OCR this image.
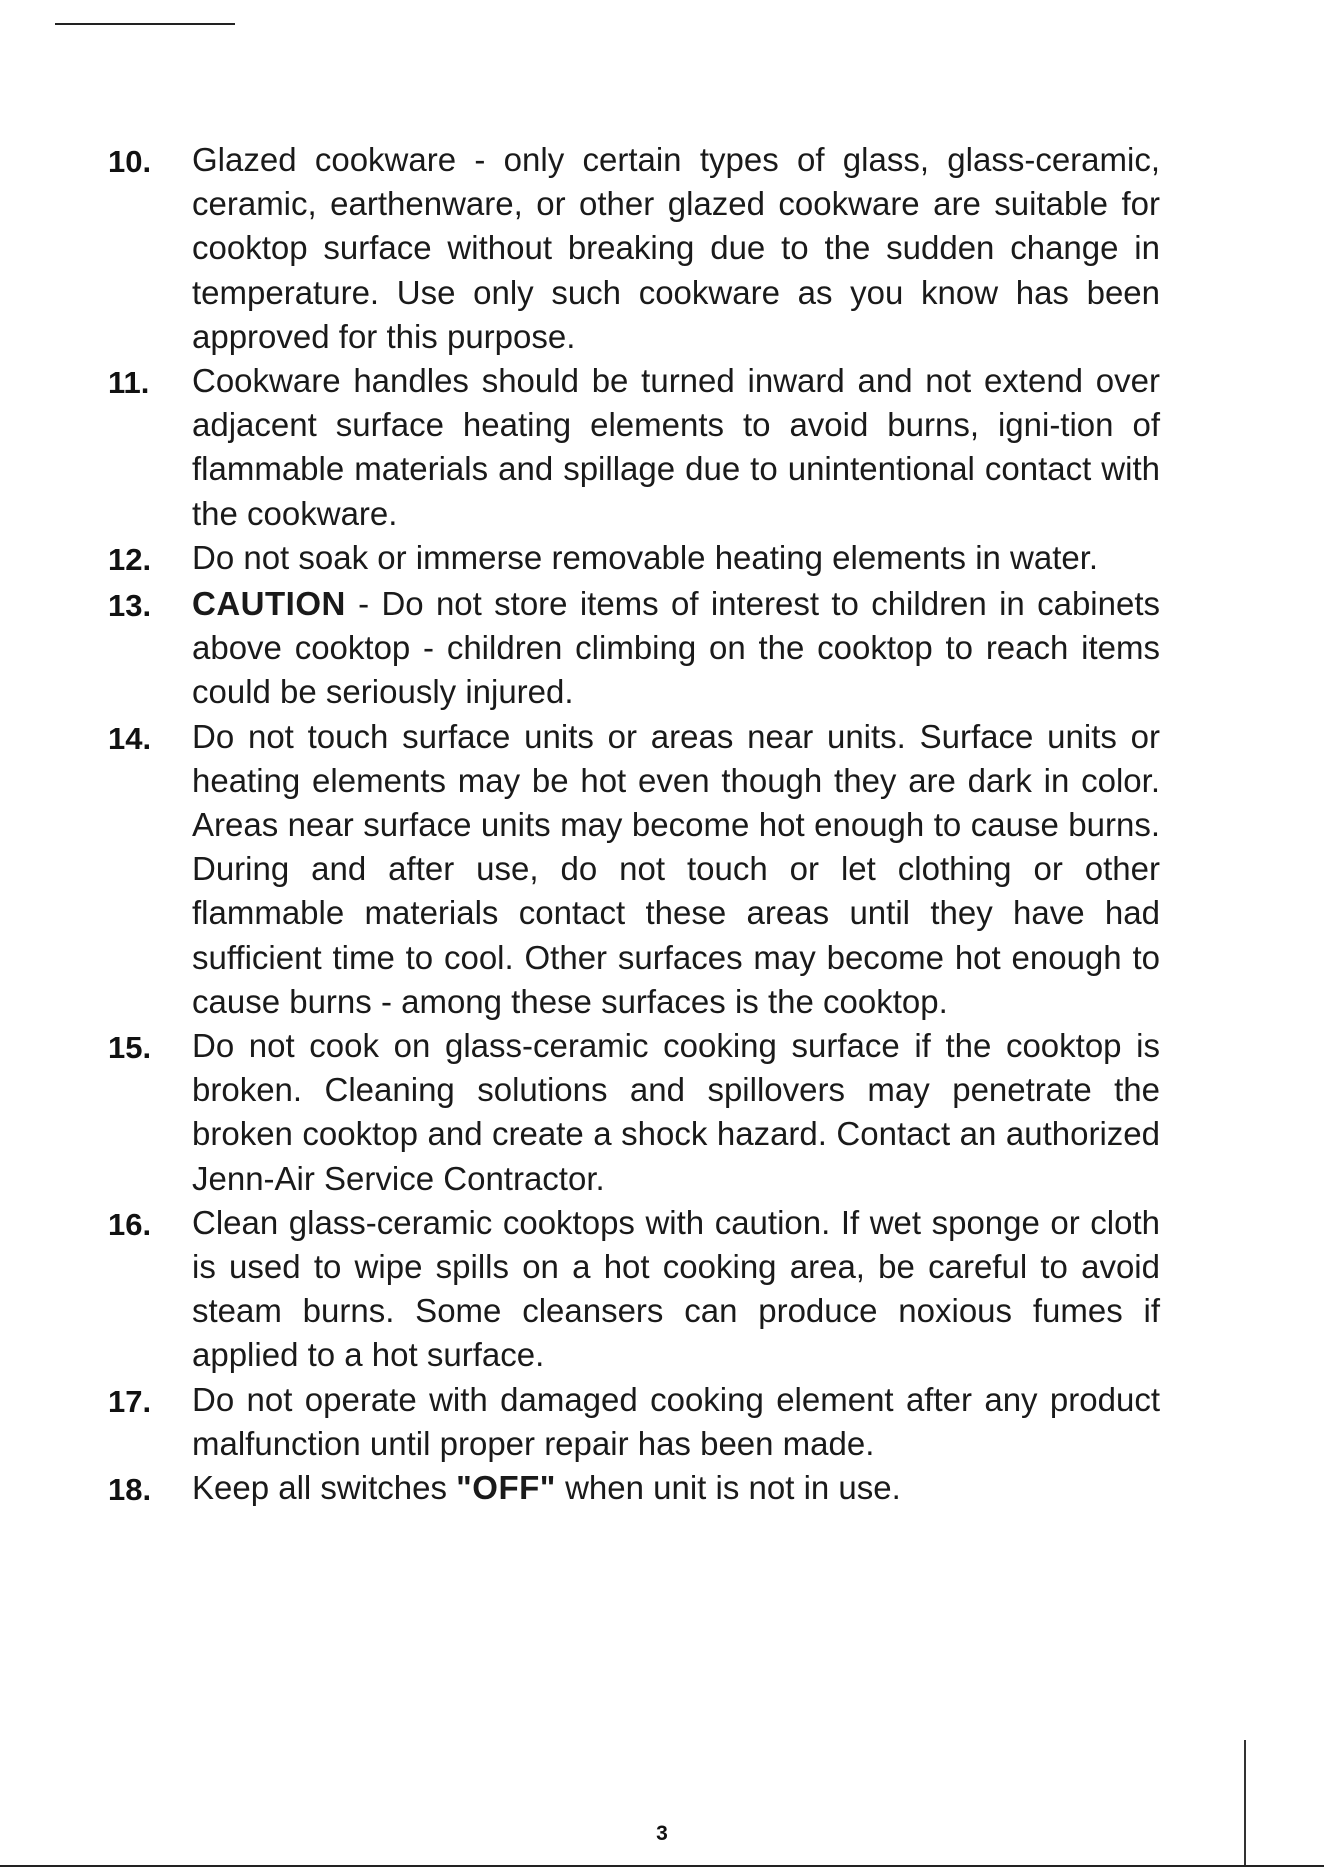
10.	Glazed cookware - only certain types of glass, glass-ceramic, ceramic, earthenware, or other glazed cookware are suitable for cooktop surface without breaking due to the sudden change in temperature. Use only such cookware as you know has been approved for this purpose.
11.	Cookware handles should be turned inward and not extend over adjacent surface heating elements to avoid burns, igni-tion of flammable materials and spillage due to unintentional contact with the cookware.
12.	Do not soak or immerse removable heating elements in water.
13.	CAUTION - Do not store items of interest to children in cabinets above cooktop - children climbing on the cooktop to reach items could be seriously injured.
14.	Do not touch surface units or areas near units. Surface units or heating elements may be hot even though they are dark in color. Areas near surface units may become hot enough to cause burns. During and after use, do not touch or let clothing or other flammable materials contact these areas until they have had sufficient time to cool. Other surfaces may become hot enough to cause burns - among these surfaces is the cooktop.
15.	Do not cook on glass-ceramic cooking surface if the cooktop is broken. Cleaning solutions and spillovers may penetrate the broken cooktop and create a shock hazard. Contact an authorized Jenn-Air Service Contractor.
16.	Clean glass-ceramic cooktops with caution. If wet sponge or cloth is used to wipe spills on a hot cooking area, be careful to avoid steam burns. Some cleansers can produce noxious fumes if applied to a hot surface.
17.	Do not operate with damaged cooking element after any product malfunction until proper repair has been made.
18.	Keep all switches "OFF" when unit is not in use.
3
